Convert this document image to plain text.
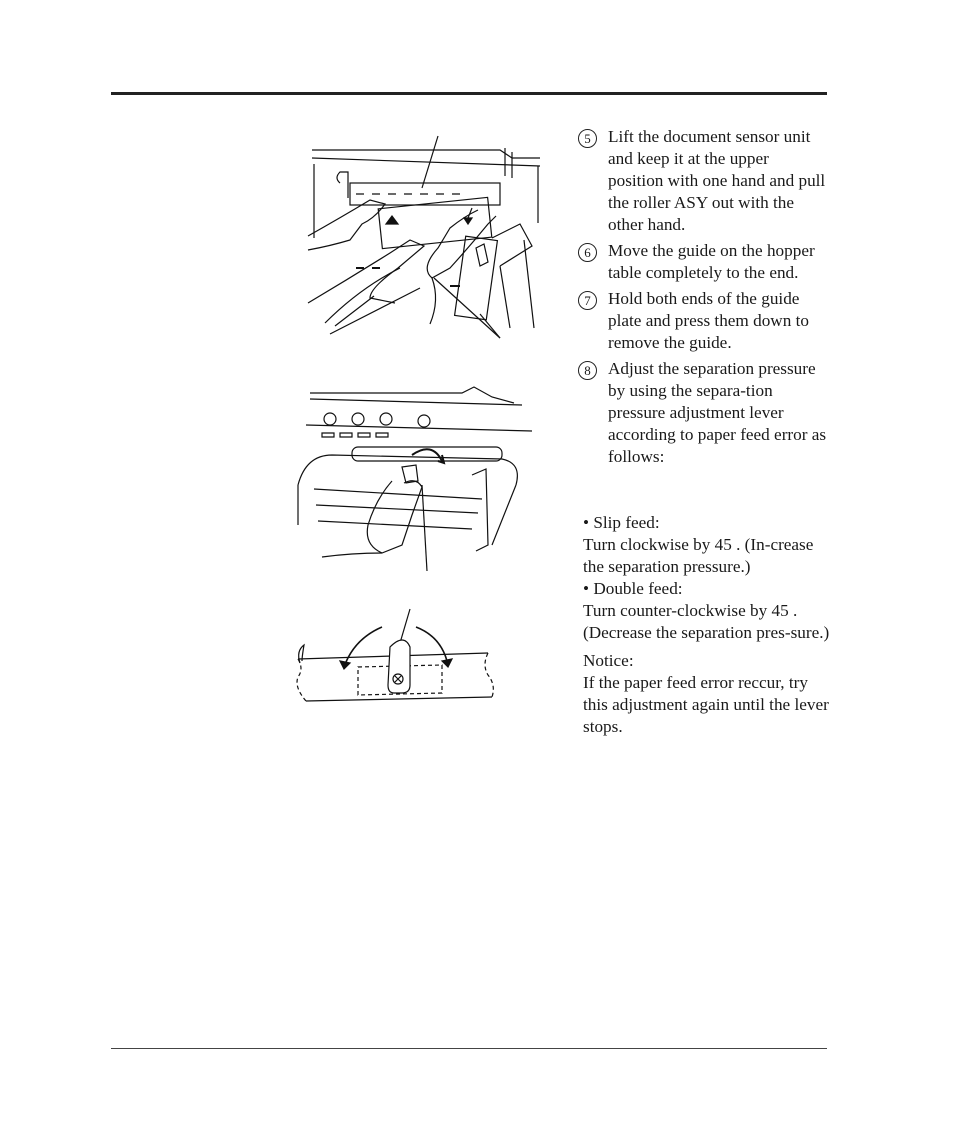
5	Lift the document sensor unit and keep it at the upper position with one hand and pull the roller ASY out with the other hand.
6	Move the guide on the hopper table completely to the end.
7	Hold both ends of the guide plate and press them down to remove the guide.
8	Adjust the separation pressure by using the separa-tion pressure adjustment lever according to paper feed error as follows:

• Slip feed:

Turn clockwise by 45 . (In-crease the separation pressure.)

• Double feed:

Turn counter-clockwise by 45 . (Decrease the separation pres-sure.)

Notice:

If the paper feed error reccur, try this adjustment again until the lever stops.
